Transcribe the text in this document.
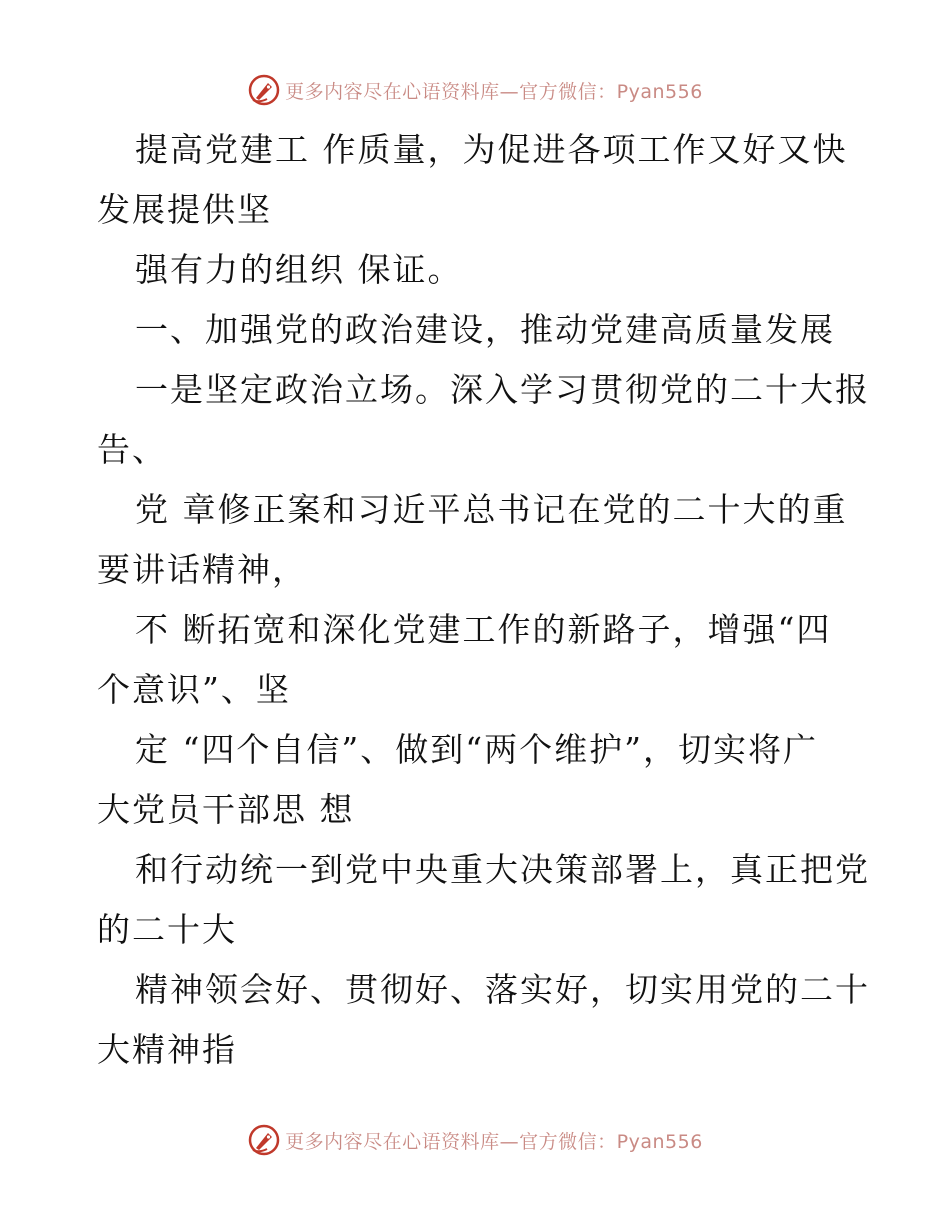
更多内容尽在心语资料库—官方微信：Pyan556
提高党建工 作质量，为促进各项工作又好又快
发展提供坚
强有力的组织 保证。
一、加强党的政治建设，推动党建高质量发展
一是坚定政治立场。深入学习贯彻党的二十大报
告、
党 章修正案和习近平总书记在党的二十大的重
要讲话精神，
不 断拓宽和深化党建工作的新路子，增强“四
个意识”、坚
定 “四个自信”、做到“两个维护”，切实将广
大党员干部思 想
和行动统一到党中央重大决策部署上，真正把党
的二十大
精神领会好、贯彻好、落实好，切实用党的二十
大精神指
更多内容尽在心语资料库—官方微信：Pyan556
